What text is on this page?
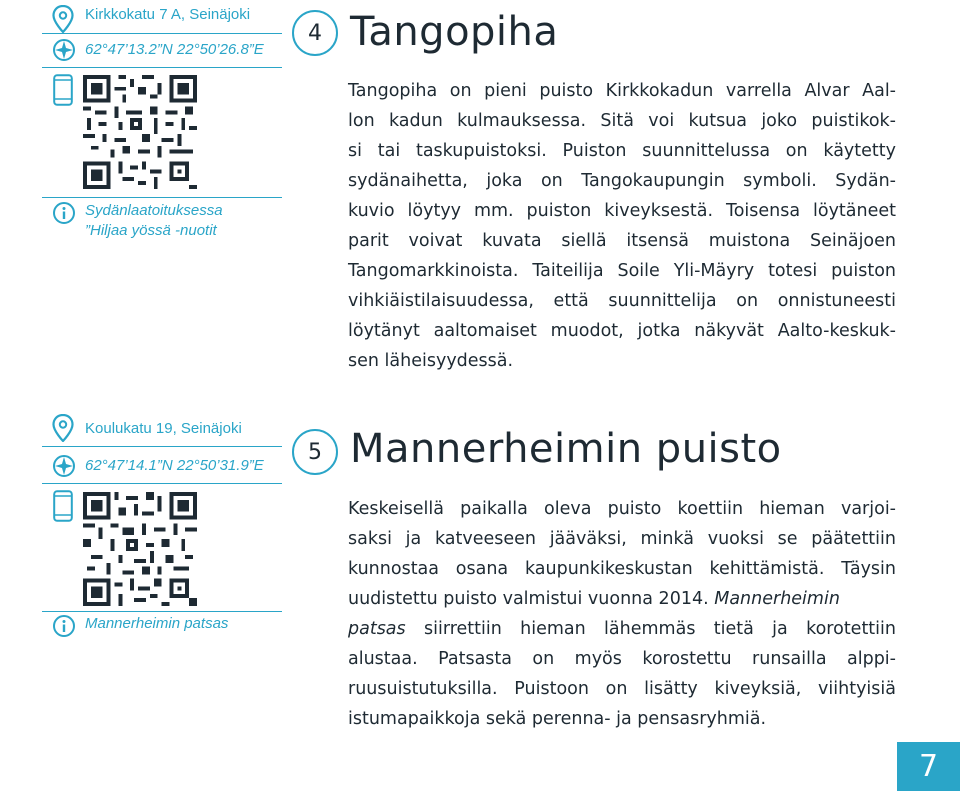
Kirkkokatu 7 A, Seinäjoki
62°47’13.2”N 22°50’26.8”E
Sydänlaatoituksessa
”Hiljaa yössä -nuotit
4 Tangopiha
Tangopiha on pieni puisto Kirkkokadun varrella Alvar Aal-
lon kadun kulmauksessa. Sitä voi kutsua joko puistikok-
si tai taskupuistoksi. Puiston suunnittelussa on käytetty
sydänaihetta, joka on Tangokaupungin symboli. Sydän-
kuvio löytyy mm. puiston kiveyksestä. Toisensa löytäneet
parit voivat kuvata siellä itsensä muistona Seinäjoen
Tangomarkkinoista. Taiteilija Soile Yli-Mäyry totesi puiston
vihkiäistilaisuudessa, että suunnittelija on onnistuneesti
löytänyt aaltomaiset muodot, jotka näkyvät Aalto-keskuk-
sen läheisyydessä.
Koulukatu 19, Seinäjoki
62°47’14.1”N 22°50’31.9”E
Mannerheimin patsas
5 Mannerheimin puisto
Keskeisellä paikalla oleva puisto koettiin hieman varjoi-
saksi ja katveeseen jääväksi, minkä vuoksi se päätettiin
kunnostaa osana kaupunkikeskustan kehittämistä. Täysin
uudistettu puisto valmistui vuonna 2014. Mannerheimin
patsas siirrettiin hieman lähemmäs tietä ja korotettiin
alustaa. Patsasta on myös korostettu runsailla alppi-
ruusuistutuksilla. Puistoon on lisätty kiveyksiä, viihtyisiä
istumapaikkoja sekä perenna- ja pensasryhmiä.
7
